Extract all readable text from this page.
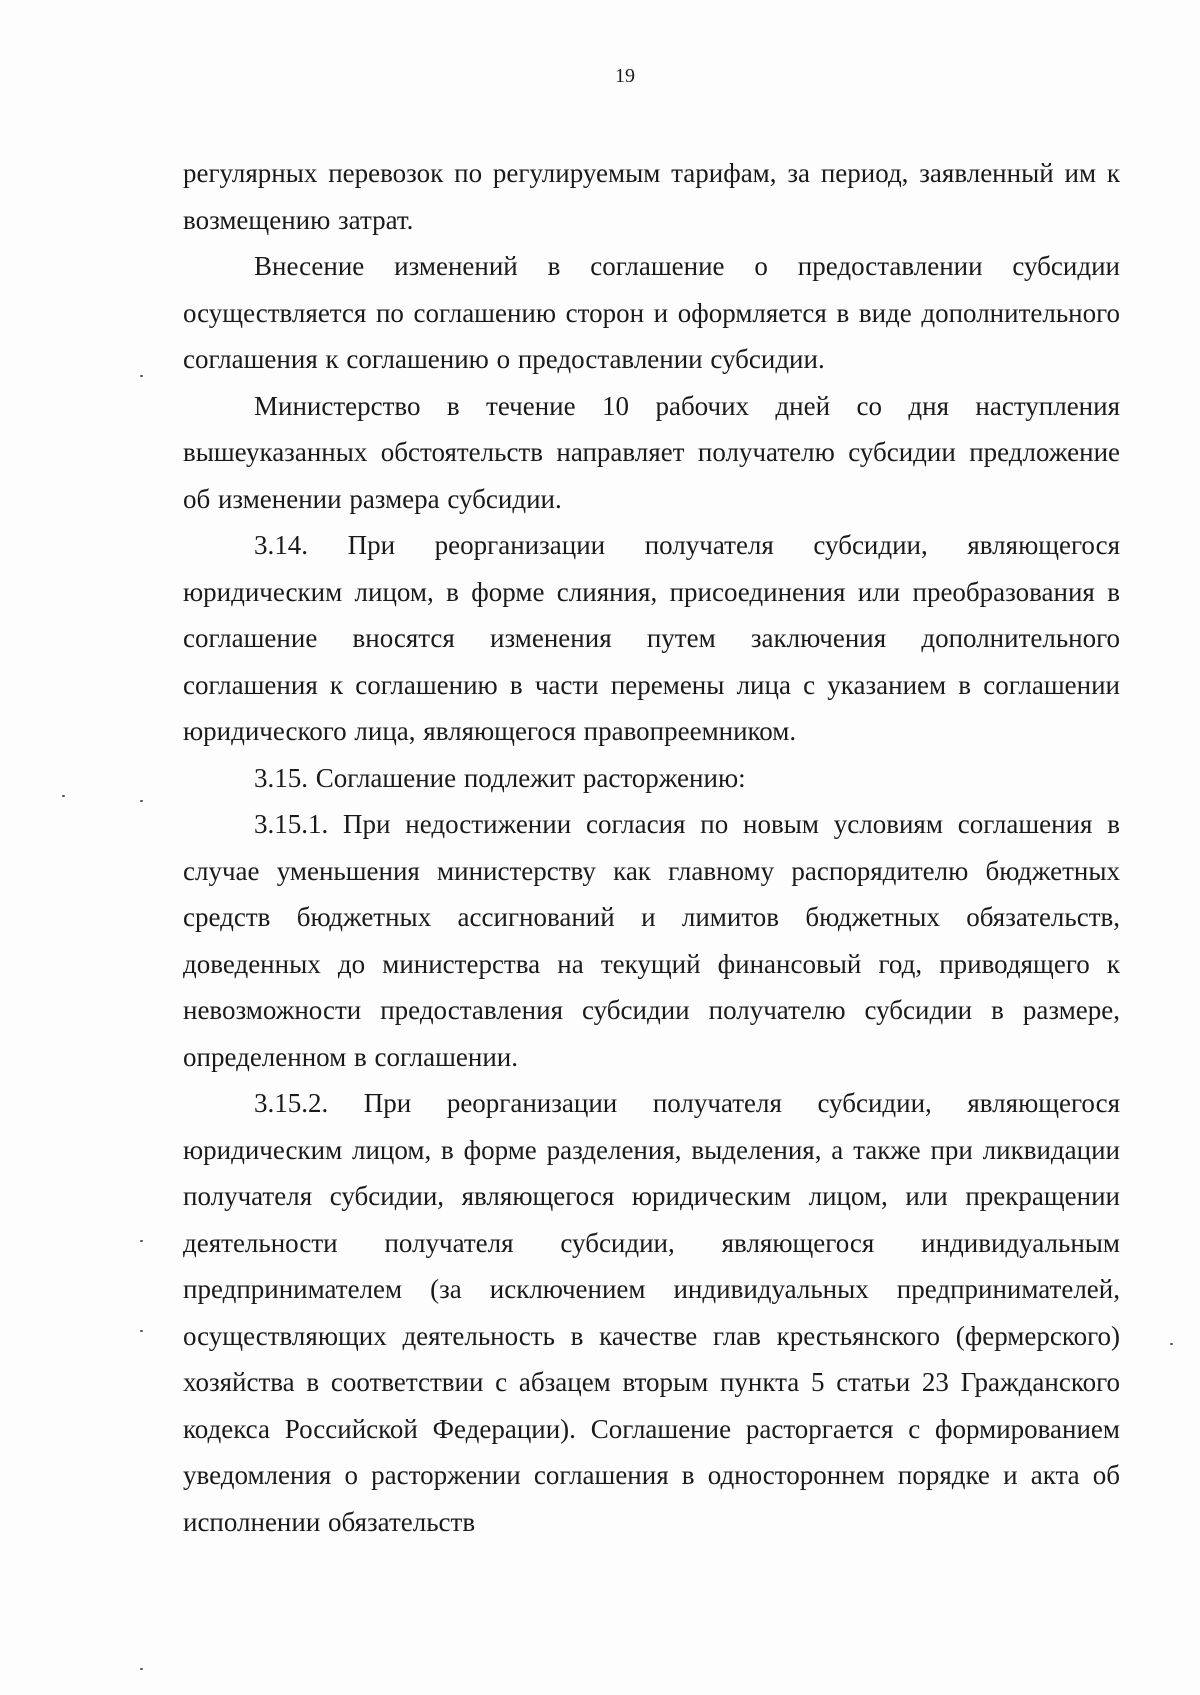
19

регулярных перевозок по регулируемым тарифам, за период, заявленный им к возмещению затрат.

Внесение изменений в соглашение о предоставлении субсидии осуществляется по соглашению сторон и оформляется в виде дополнительного соглашения к соглашению о предоставлении субсидии.

Министерство в течение 10 рабочих дней со дня наступления вышеуказанных обстоятельств направляет получателю субсидии предложение об изменении размера субсидии.

3.14. При реорганизации получателя субсидии, являющегося юридическим лицом, в форме слияния, присоединения или преобразования в соглашение вносятся изменения путем заключения дополнительного соглашения к соглашению в части перемены лица с указанием в соглашении юридического лица, являющегося правопреемником.

3.15. Соглашение подлежит расторжению:

3.15.1. При недостижении согласия по новым условиям соглашения в случае уменьшения министерству как главному распорядителю бюджетных средств бюджетных ассигнований и лимитов бюджетных обязательств, доведенных до министерства на текущий финансовый год, приводящего к невозможности предоставления субсидии получателю субсидии в размере, определенном в соглашении.

3.15.2. При реорганизации получателя субсидии, являющегося юридическим лицом, в форме разделения, выделения, а также при ликвидации получателя субсидии, являющегося юридическим лицом, или прекращении деятельности получателя субсидии, являющегося индивидуальным предпринимателем (за исключением индивидуальных предпринимателей, осуществляющих деятельность в качестве глав крестьянского (фермерского) хозяйства в соответствии с абзацем вторым пункта 5 статьи 23 Гражданского кодекса Российской Федерации). Соглашение расторгается с формированием уведомления о расторжении соглашения в одностороннем порядке и акта об исполнении обязательств
